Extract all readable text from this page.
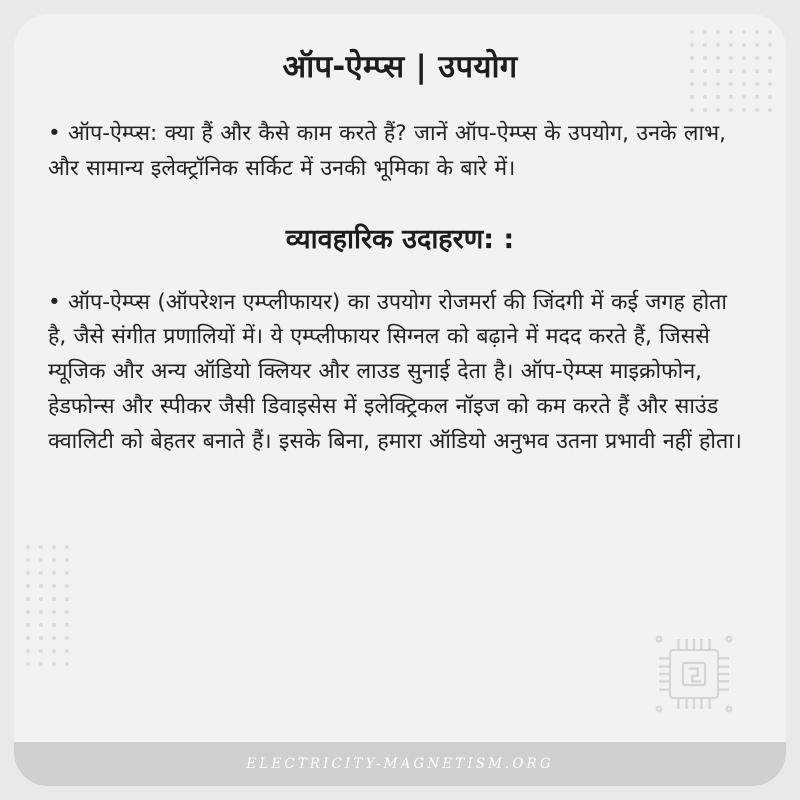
ऑप-ऐम्प्स | उपयोग

• ऑप-ऐम्प्स: क्या हैं और कैसे काम करते हैं? जानें ऑप-ऐम्प्स के उपयोग, उनके लाभ, और सामान्य इलेक्ट्रॉनिक सर्किट में उनकी भूमिका के बारे में।

व्यावहारिक उदाहरण: :

• ऑप-ऐम्प्स (ऑपरेशन एम्प्लीफायर) का उपयोग रोजमर्रा की जिंदगी में कई जगह होता है, जैसे संगीत प्रणालियों में। ये एम्प्लीफायर सिग्नल को बढ़ाने में मदद करते हैं, जिससे म्यूजिक और अन्य ऑडियो क्लियर और लाउड सुनाई देता है। ऑप-ऐम्प्स माइक्रोफोन, हेडफोन्स और स्पीकर जैसी डिवाइसेस में इलेक्ट्रिकल नॉइज को कम करते हैं और साउंड क्वालिटी को बेहतर बनाते हैं। इसके बिना, हमारा ऑडियो अनुभव उतना प्रभावी नहीं होता।

ELECTRICITY-MAGNETISM.ORG
